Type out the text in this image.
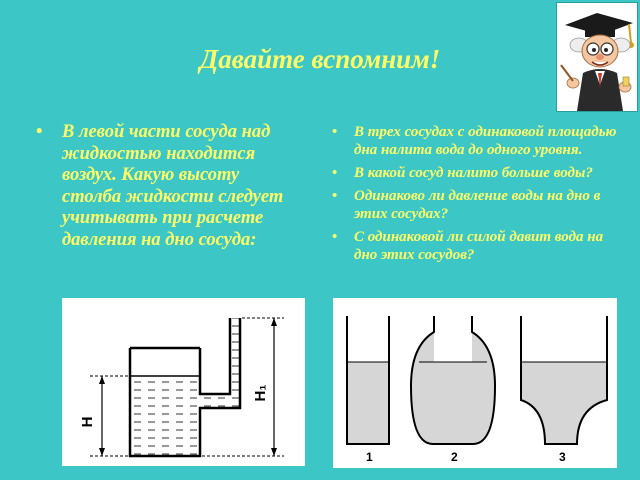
Давайте вспомним!
• В левой части сосуда над жидкостью находится воздух. Какую высоту столба жидкости следует учитывать при расчете давления на дно сосуда:
• В трех сосудах с одинаковой площадью дна налита вода до одного уровня.
• В какой сосуд налито больше воды?
• Одинаково ли давление воды на дно в этих сосудах?
• С одинаковой ли силой давит вода на дно этих сосудов?
H
H₁
1	2	3
